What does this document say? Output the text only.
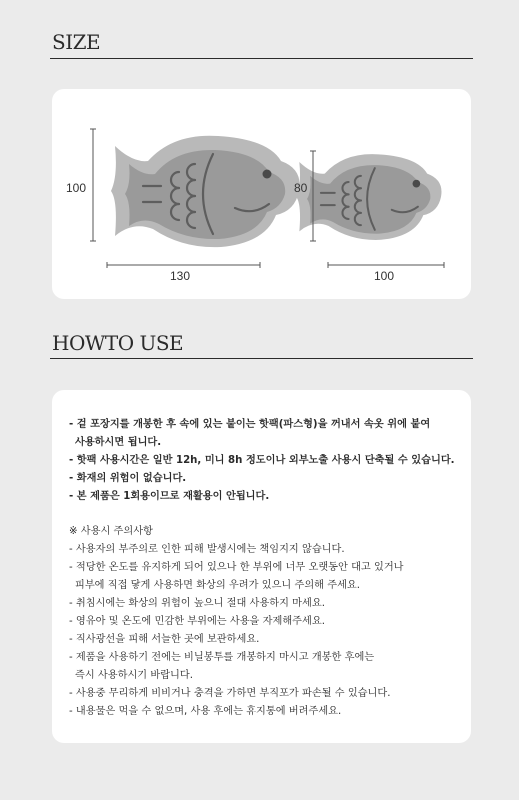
SIZE
100
130
80
100
HOWTO USE
- 겉 포장지를 개봉한 후 속에 있는 붙이는 핫팩(파스형)을 꺼내서 속옷 위에 붙여
사용하시면 됩니다.
- 핫팩 사용시간은 일반 12h, 미니 8h 정도이나 외부노출 사용시 단축될 수 있습니다.
- 화재의 위험이 없습니다.
- 본 제품은 1회용이므로 재활용이 안됩니다.
※ 사용시 주의사항
- 사용자의 부주의로 인한 피해 발생시에는 책임지지 않습니다.
- 적당한 온도를 유지하게 되어 있으나 한 부위에 너무 오랫동안 대고 있거나
피부에 직접 닿게 사용하면 화상의 우려가 있으니 주의해 주세요.
- 취침시에는 화상의 위험이 높으니 절대 사용하지 마세요.
- 영유아 및 온도에 민감한 부위에는 사용을 자제해주세요.
- 직사광선을 피해 서늘한 곳에 보관하세요.
- 제품을 사용하기 전에는 비닐봉투를 개봉하지 마시고 개봉한 후에는
즉시 사용하시기 바랍니다.
- 사용중 무리하게 비비거나 충격을 가하면 부직포가 파손될 수 있습니다.
- 내용물은 먹을 수 없으며, 사용 후에는 휴지통에 버려주세요.
